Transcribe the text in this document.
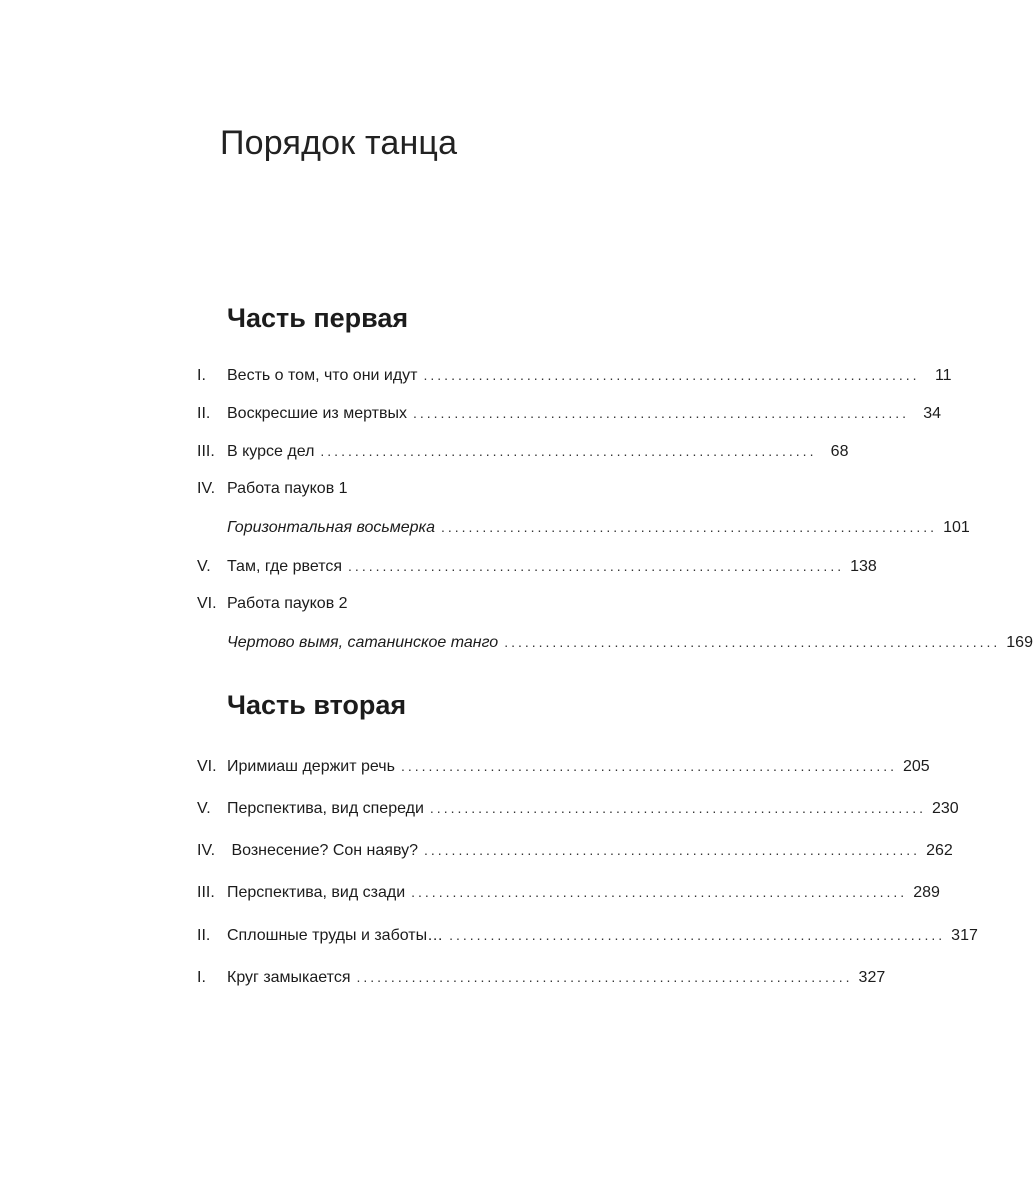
Порядок танца
Часть первая
I.	Весть о том, что они идут ........................................................................ 11
II.	Воскресшие из мертвых ........................................................................ 34
III. В курсе дел ........................................................................ 68
IV. Работа пауков 1
Горизонтальная восьмерка ........................................................................ 101
V.	Там, где рвется ........................................................................ 138
VI. Работа пауков 2
Чертово вымя, сатанинское танго ........................................................................ 169
Часть вторая
VI. Иримиаш держит речь ........................................................................ 205
V.	Перспектива, вид спереди ........................................................................ 230
IV. Вознесение? Сон наяву? ........................................................................ 262
III. Перспектива, вид сзади ........................................................................ 289
II.	Сплошные труды и заботы… ........................................................................ 317
I.	Круг замыкается ........................................................................ 327
